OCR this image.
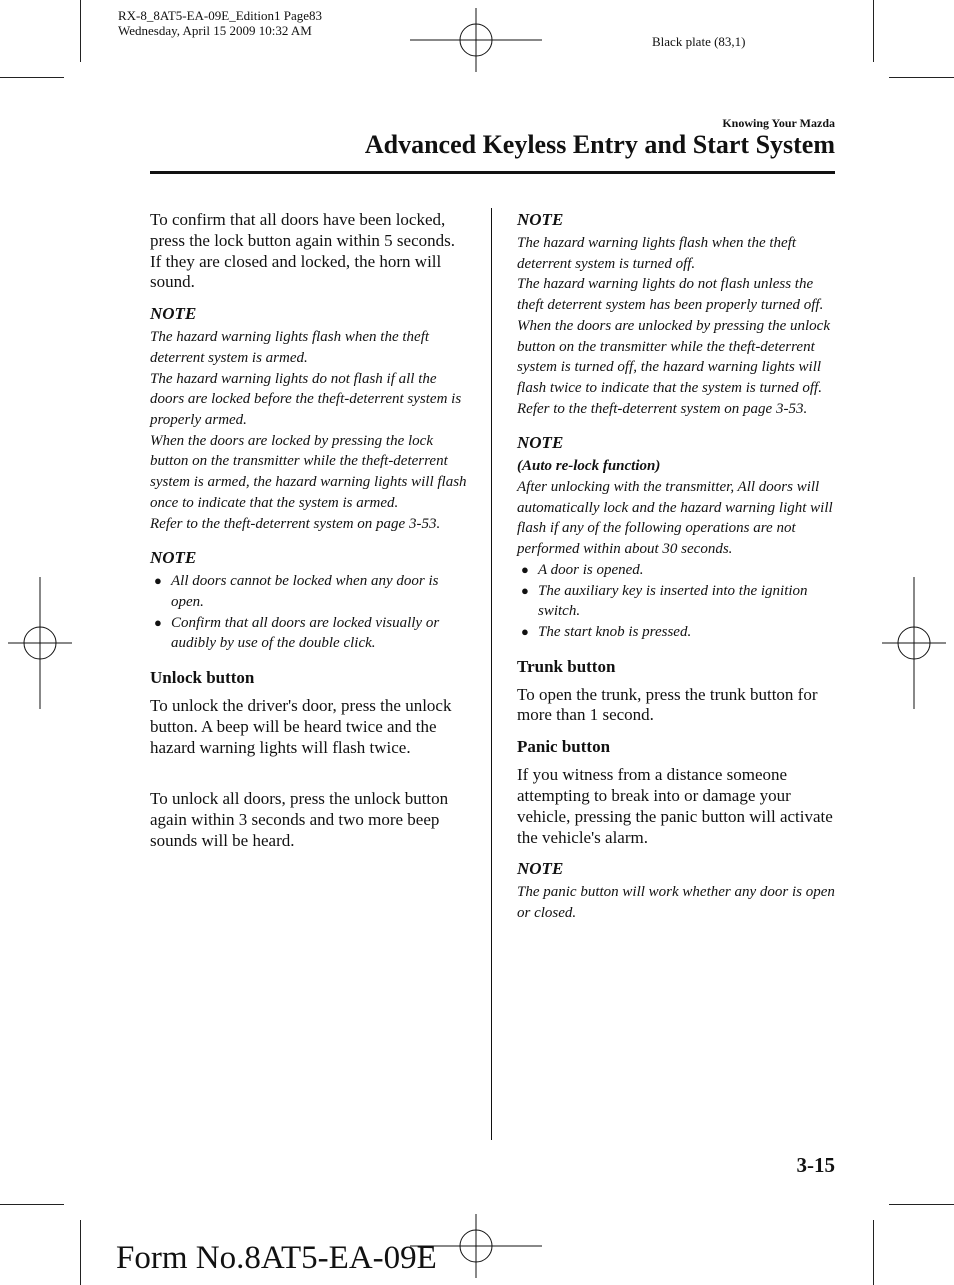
RX-8_8AT5-EA-09E_Edition1 Page83
Wednesday, April 15 2009 10:32 AM
Black plate (83,1)
Knowing Your Mazda
Advanced Keyless Entry and Start System

To confirm that all doors have been locked, press the lock button again within 5 seconds. If they are closed and locked, the horn will sound.

NOTE

The hazard warning lights flash when the theft deterrent system is armed.

The hazard warning lights do not flash if all the doors are locked before the theft-deterrent system is properly armed.

When the doors are locked by pressing the lock button on the transmitter while the theft-deterrent system is armed, the hazard warning lights will flash once to indicate that the system is armed.

Refer to the theft-deterrent system on page 3-53.

NOTE
● All doors cannot be locked when any door is open.
● Confirm that all doors are locked visually or audibly by use of the double click.
Unlock button

To unlock the driver's door, press the unlock button. A beep will be heard twice and the hazard warning lights will flash twice.

To unlock all doors, press the unlock button again within 3 seconds and two more beep sounds will be heard.

NOTE

The hazard warning lights flash when the theft deterrent system is turned off.

The hazard warning lights do not flash unless the theft deterrent system has been properly turned off.

When the doors are unlocked by pressing the unlock button on the transmitter while the theft-deterrent system is turned off, the hazard warning lights will flash twice to indicate that the system is turned off.

Refer to the theft-deterrent system on page 3-53.

NOTE

(Auto re-lock function)

After unlocking with the transmitter, All doors will automatically lock and the hazard warning light will flash if any of the following operations are not performed within about 30 seconds.

● A door is opened.
● The auxiliary key is inserted into the ignition switch.
● The start knob is pressed.
Trunk button

To open the trunk, press the trunk button for more than 1 second.

Panic button

If you witness from a distance someone attempting to break into or damage your vehicle, pressing the panic button will activate the vehicle's alarm.

NOTE

The panic button will work whether any door is open or closed.

3-15
Form No.8AT5-EA-09E
